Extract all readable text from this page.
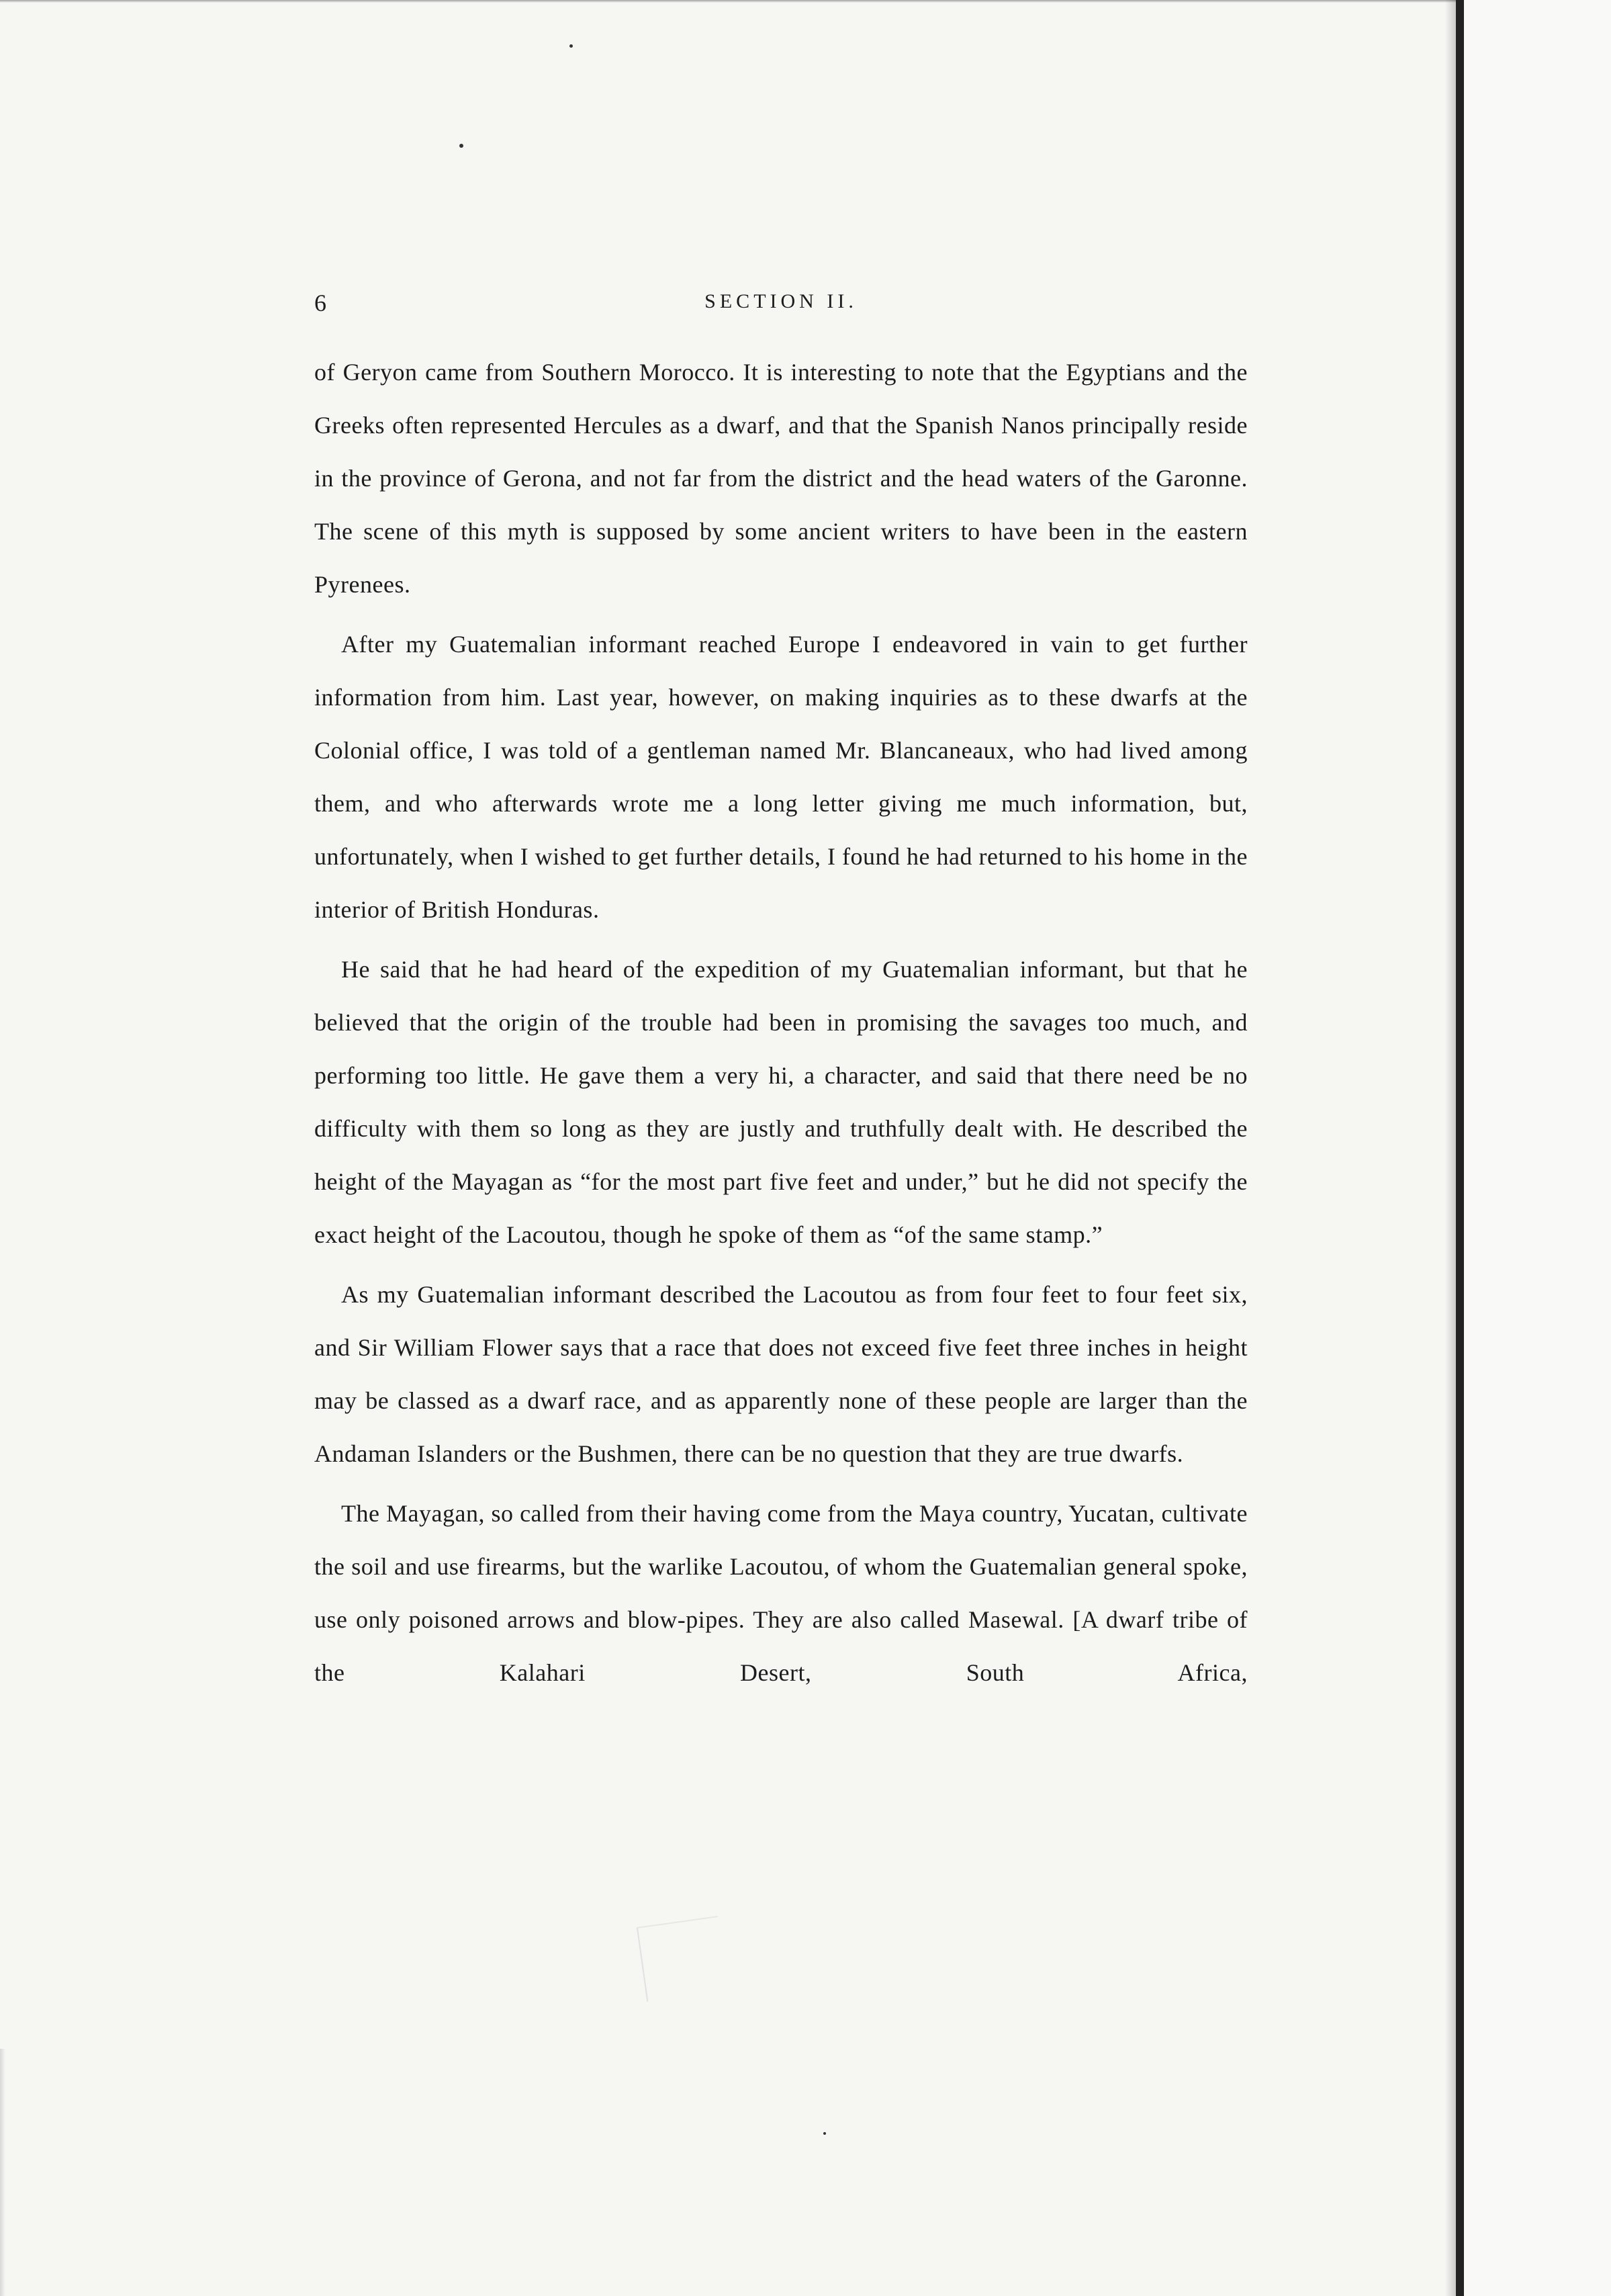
6	SECTION II.

of Geryon came from Southern Morocco. It is interesting to note that the Egyptians and the Greeks often represented Hercules as a dwarf, and that the Spanish Nanos principally reside in the province of Gerona, and not far from the district and the head waters of the Garonne. The scene of this myth is supposed by some ancient writers to have been in the eastern Pyrenees.

After my Guatemalian informant reached Europe I endeavored in vain to get further information from him. Last year, however, on making inquiries as to these dwarfs at the Colonial office, I was told of a gentleman named Mr. Blancaneaux, who had lived among them, and who afterwards wrote me a long letter giving me much information, but, unfortunately, when I wished to get further details, I found he had returned to his home in the interior of British Honduras.

He said that he had heard of the expedition of my Guatemalian informant, but that he believed that the origin of the trouble had been in promising the savages too much, and performing too little. He gave them a very hi, a character, and said that there need be no difficulty with them so long as they are justly and truthfully dealt with. He described the height of the Mayagan as “for the most part five feet and under,” but he did not specify the exact height of the Lacoutou, though he spoke of them as “of the same stamp.”

As my Guatemalian informant described the Lacoutou as from four feet to four feet six, and Sir William Flower says that a race that does not exceed five feet three inches in height may be classed as a dwarf race, and as apparently none of these people are larger than the Andaman Islanders or the Bushmen, there can be no question that they are true dwarfs.

The Mayagan, so called from their having come from the Maya country, Yucatan, cultivate the soil and use firearms, but the warlike Lacoutou, of whom the Guatemalian general spoke, use only poisoned arrows and blow-pipes. They are also called Masewal. [A dwarf tribe of the Kalahari Desert, South Africa,
